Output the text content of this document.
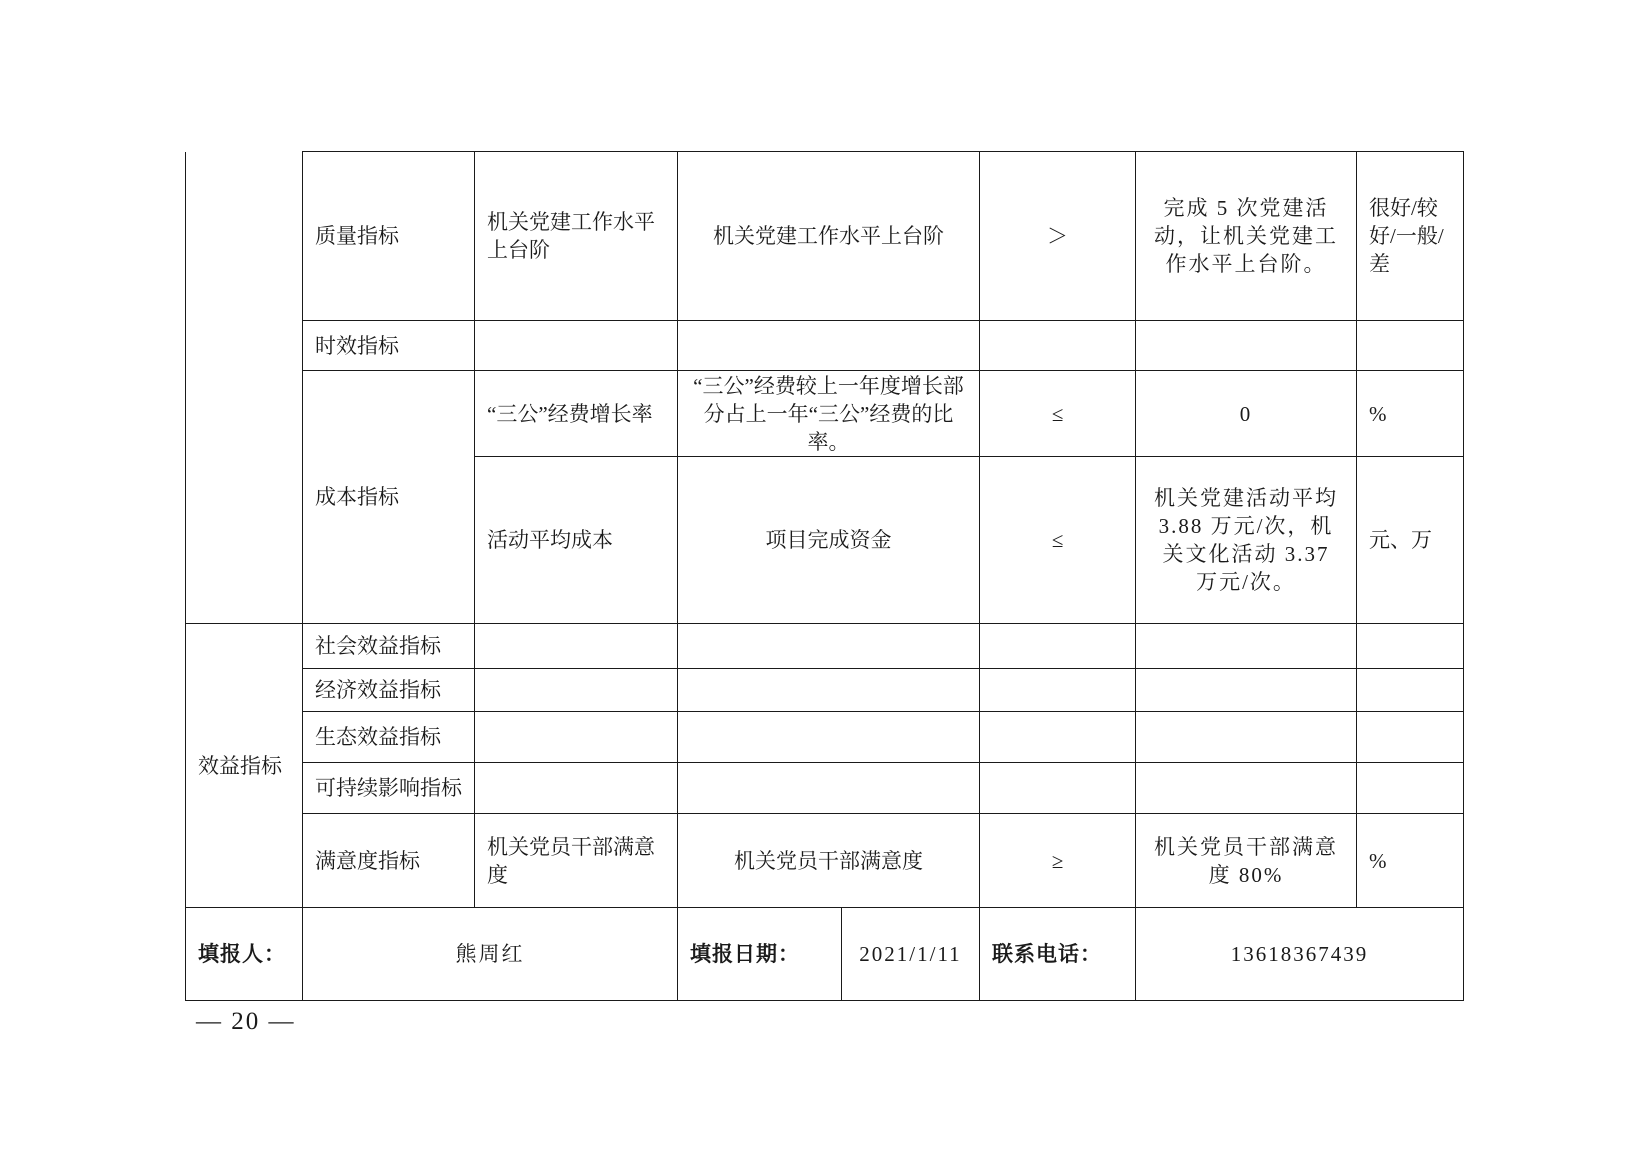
	质量指标	机关党建工作水平上台阶	机关党建工作水平上台阶		＞	完成 5 次党建活动，让机关党建工作水平上台阶。	很好/较好/一般/差
	时效指标						
	成本指标	“三公”经费增长率	“三公”经费较上一年度增长部分占上一年“三公”经费的比率。		≤	0	%
		活动平均成本	项目完成资金		≤	机关党建活动平均 3.88 万元/次，机关文化活动 3.37 万元/次。	元、万
效益指标	社会效益指标						
	经济效益指标						
	生态效益指标						
	可持续影响指标						
	满意度指标	机关党员干部满意度	机关党员干部满意度		≥	机关党员干部满意度 80%	%
填报人：	熊周红		填报日期：	2021/1/11	联系电话：	13618367439	
— 20 —
